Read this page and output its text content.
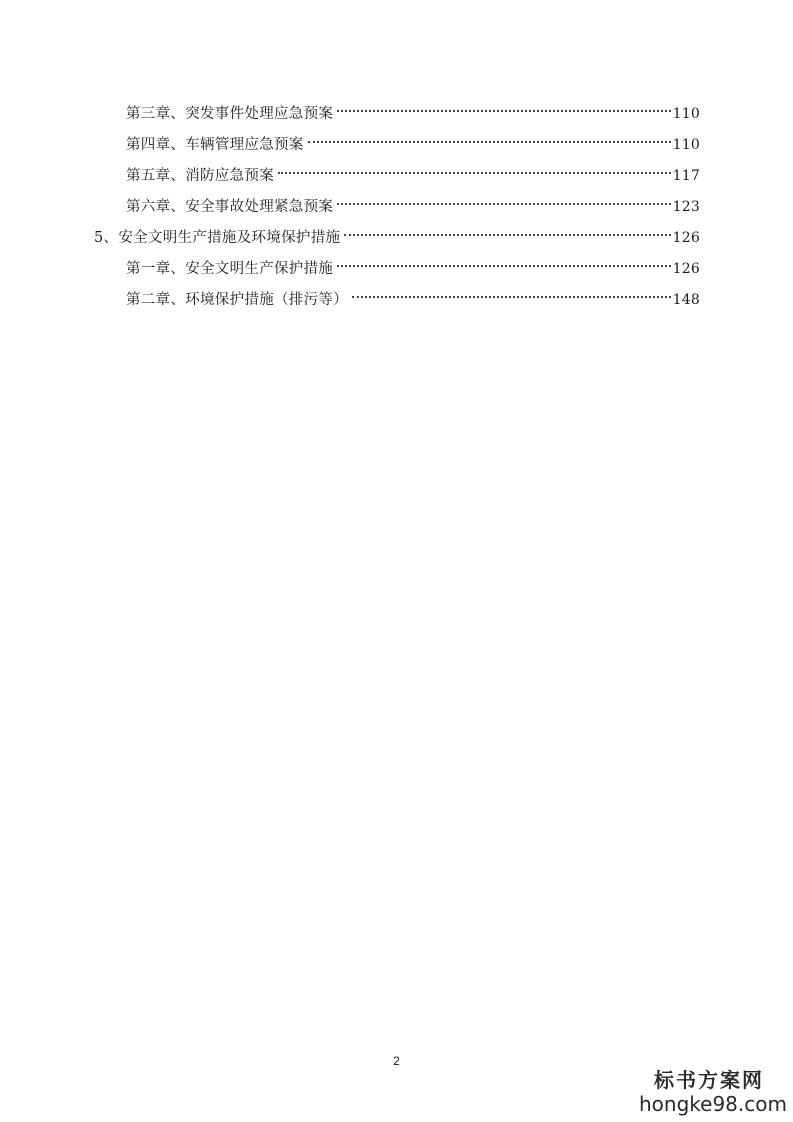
第三章、突发事件处理应急预案	110
第四章、车辆管理应急预案	110
第五章、消防应急预案	117
第六章、安全事故处理紧急预案	123
5、安全文明生产措施及环境保护措施	126
第一章、安全文明生产保护措施	126
第二章、环境保护措施（排污等）	148
2
标书方案网
hongke98.com
